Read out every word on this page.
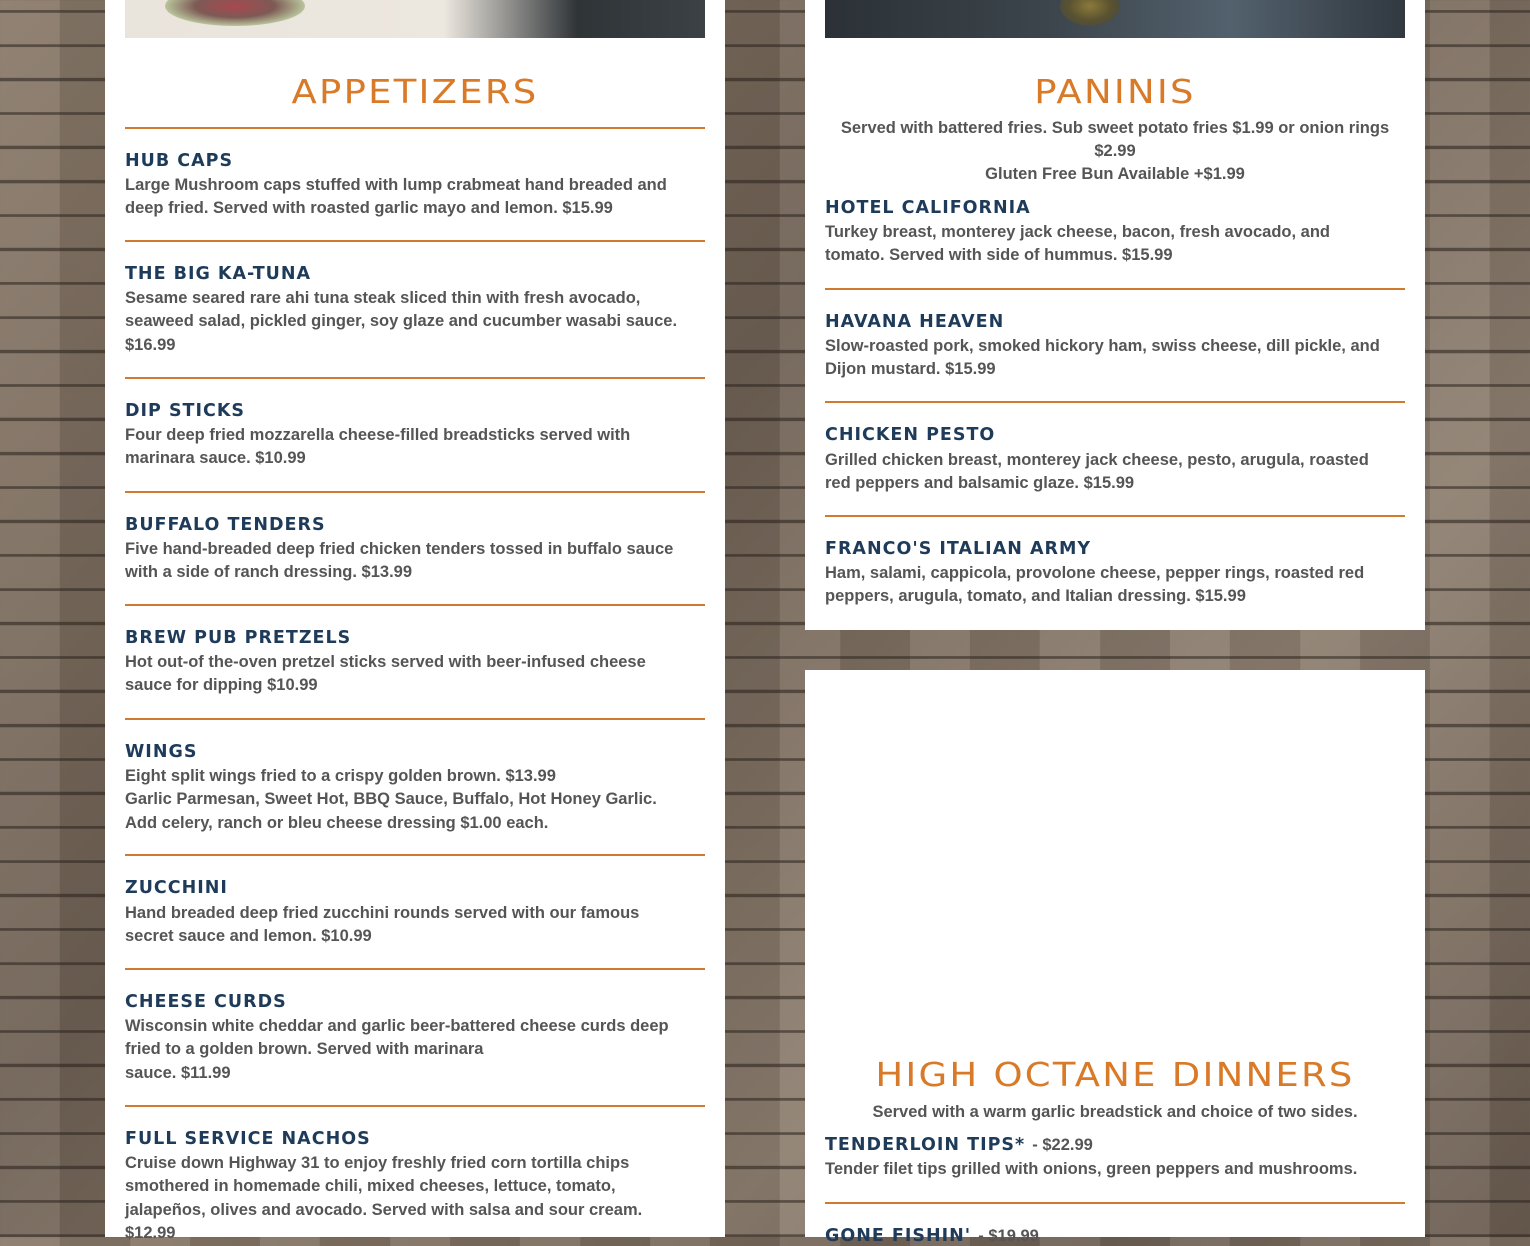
APPETIZERS
HUB CAPS

Large Mushroom caps stuffed with lump crabmeat hand breaded and
deep fried. Served with roasted garlic mayo and lemon. $15.99

THE BIG KA-TUNA

Sesame seared rare ahi tuna steak sliced thin with fresh avocado,
seaweed salad, pickled ginger, soy glaze and cucumber wasabi sauce.
$16.99

DIP STICKS

Four deep fried mozzarella cheese-filled breadsticks served with
marinara sauce. $10.99

BUFFALO TENDERS

Five hand-breaded deep fried chicken tenders tossed in buffalo sauce
with a side of ranch dressing. $13.99

BREW PUB PRETZELS

Hot out-of the-oven pretzel sticks served with beer-infused cheese
sauce for dipping $10.99

WINGS

Eight split wings fried to a crispy golden brown. $13.99
Garlic Parmesan, Sweet Hot, BBQ Sauce, Buffalo, Hot Honey Garlic.
Add celery, ranch or bleu cheese dressing $1.00 each.

ZUCCHINI

Hand breaded deep fried zucchini rounds served with our famous
secret sauce and lemon. $10.99

CHEESE CURDS

Wisconsin white cheddar and garlic beer-battered cheese curds deep
fried to a golden brown. Served with marinara
sauce. $11.99

FULL SERVICE NACHOS

Cruise down Highway 31 to enjoy freshly fried corn tortilla chips
smothered in homemade chili, mixed cheeses, lettuce, tomato,
jalapeños, olives and avocado. Served with salsa and sour cream.
$12.99

PANINIS

Served with battered fries. Sub sweet potato fries $1.99 or onion rings
$2.99
Gluten Free Bun Available +$1.99

HOTEL CALIFORNIA

Turkey breast, monterey jack cheese, bacon, fresh avocado, and
tomato. Served with side of hummus. $15.99

HAVANA HEAVEN

Slow-roasted pork, smoked hickory ham, swiss cheese, dill pickle, and
Dijon mustard. $15.99

CHICKEN PESTO

Grilled chicken breast, monterey jack cheese, pesto, arugula, roasted
red peppers and balsamic glaze. $15.99

FRANCO'S ITALIAN ARMY

Ham, salami, cappicola, provolone cheese, pepper rings, roasted red
peppers, arugula, tomato, and Italian dressing. $15.99

HIGH OCTANE DINNERS

Served with a warm garlic breadstick and choice of two sides.

TENDERLOIN TIPS* - $22.99

Tender filet tips grilled with onions, green peppers and mushrooms.

GONE FISHIN' - $19.99
